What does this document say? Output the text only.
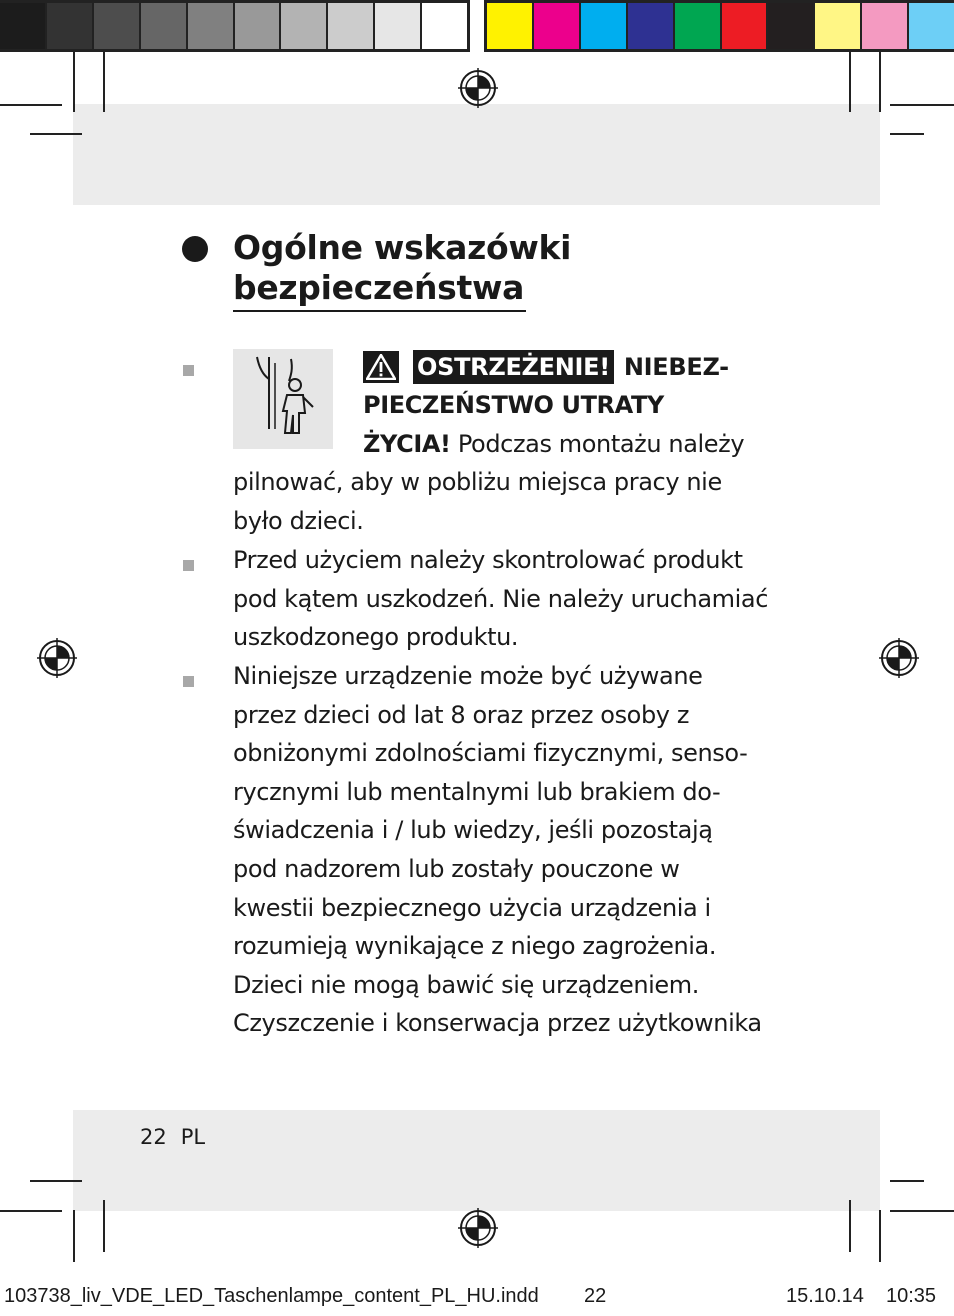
Ogólne wskazówki
bezpieczeństwa
OSTRZEŻENIE! NIEBEZ-
PIECZEŃSTWO UTRATY
ŻYCIA! Podczas montażu należy
pilnować, aby w pobliżu miejsca pracy nie
było dzieci.
Przed użyciem należy skontrolować produkt
pod kątem uszkodzeń. Nie należy uruchamiać
uszkodzonego produktu.
Niniejsze urządzenie może być używane
przez dzieci od lat 8 oraz przez osoby z
obniżonymi zdolnościami fizycznymi, senso-
rycznymi lub mentalnymi lub brakiem do-
świadczenia i / lub wiedzy, jeśli pozostają
pod nadzorem lub zostały pouczone w
kwestii bezpiecznego użycia urządzenia i
rozumieją wynikające z niego zagrożenia.
Dzieci nie mogą bawić się urządzeniem.
Czyszczenie i konserwacja przez użytkownika
22 PL
103738_liv_VDE_LED_Taschenlampe_content_PL_HU.indd 22	15.10.14 10:35
